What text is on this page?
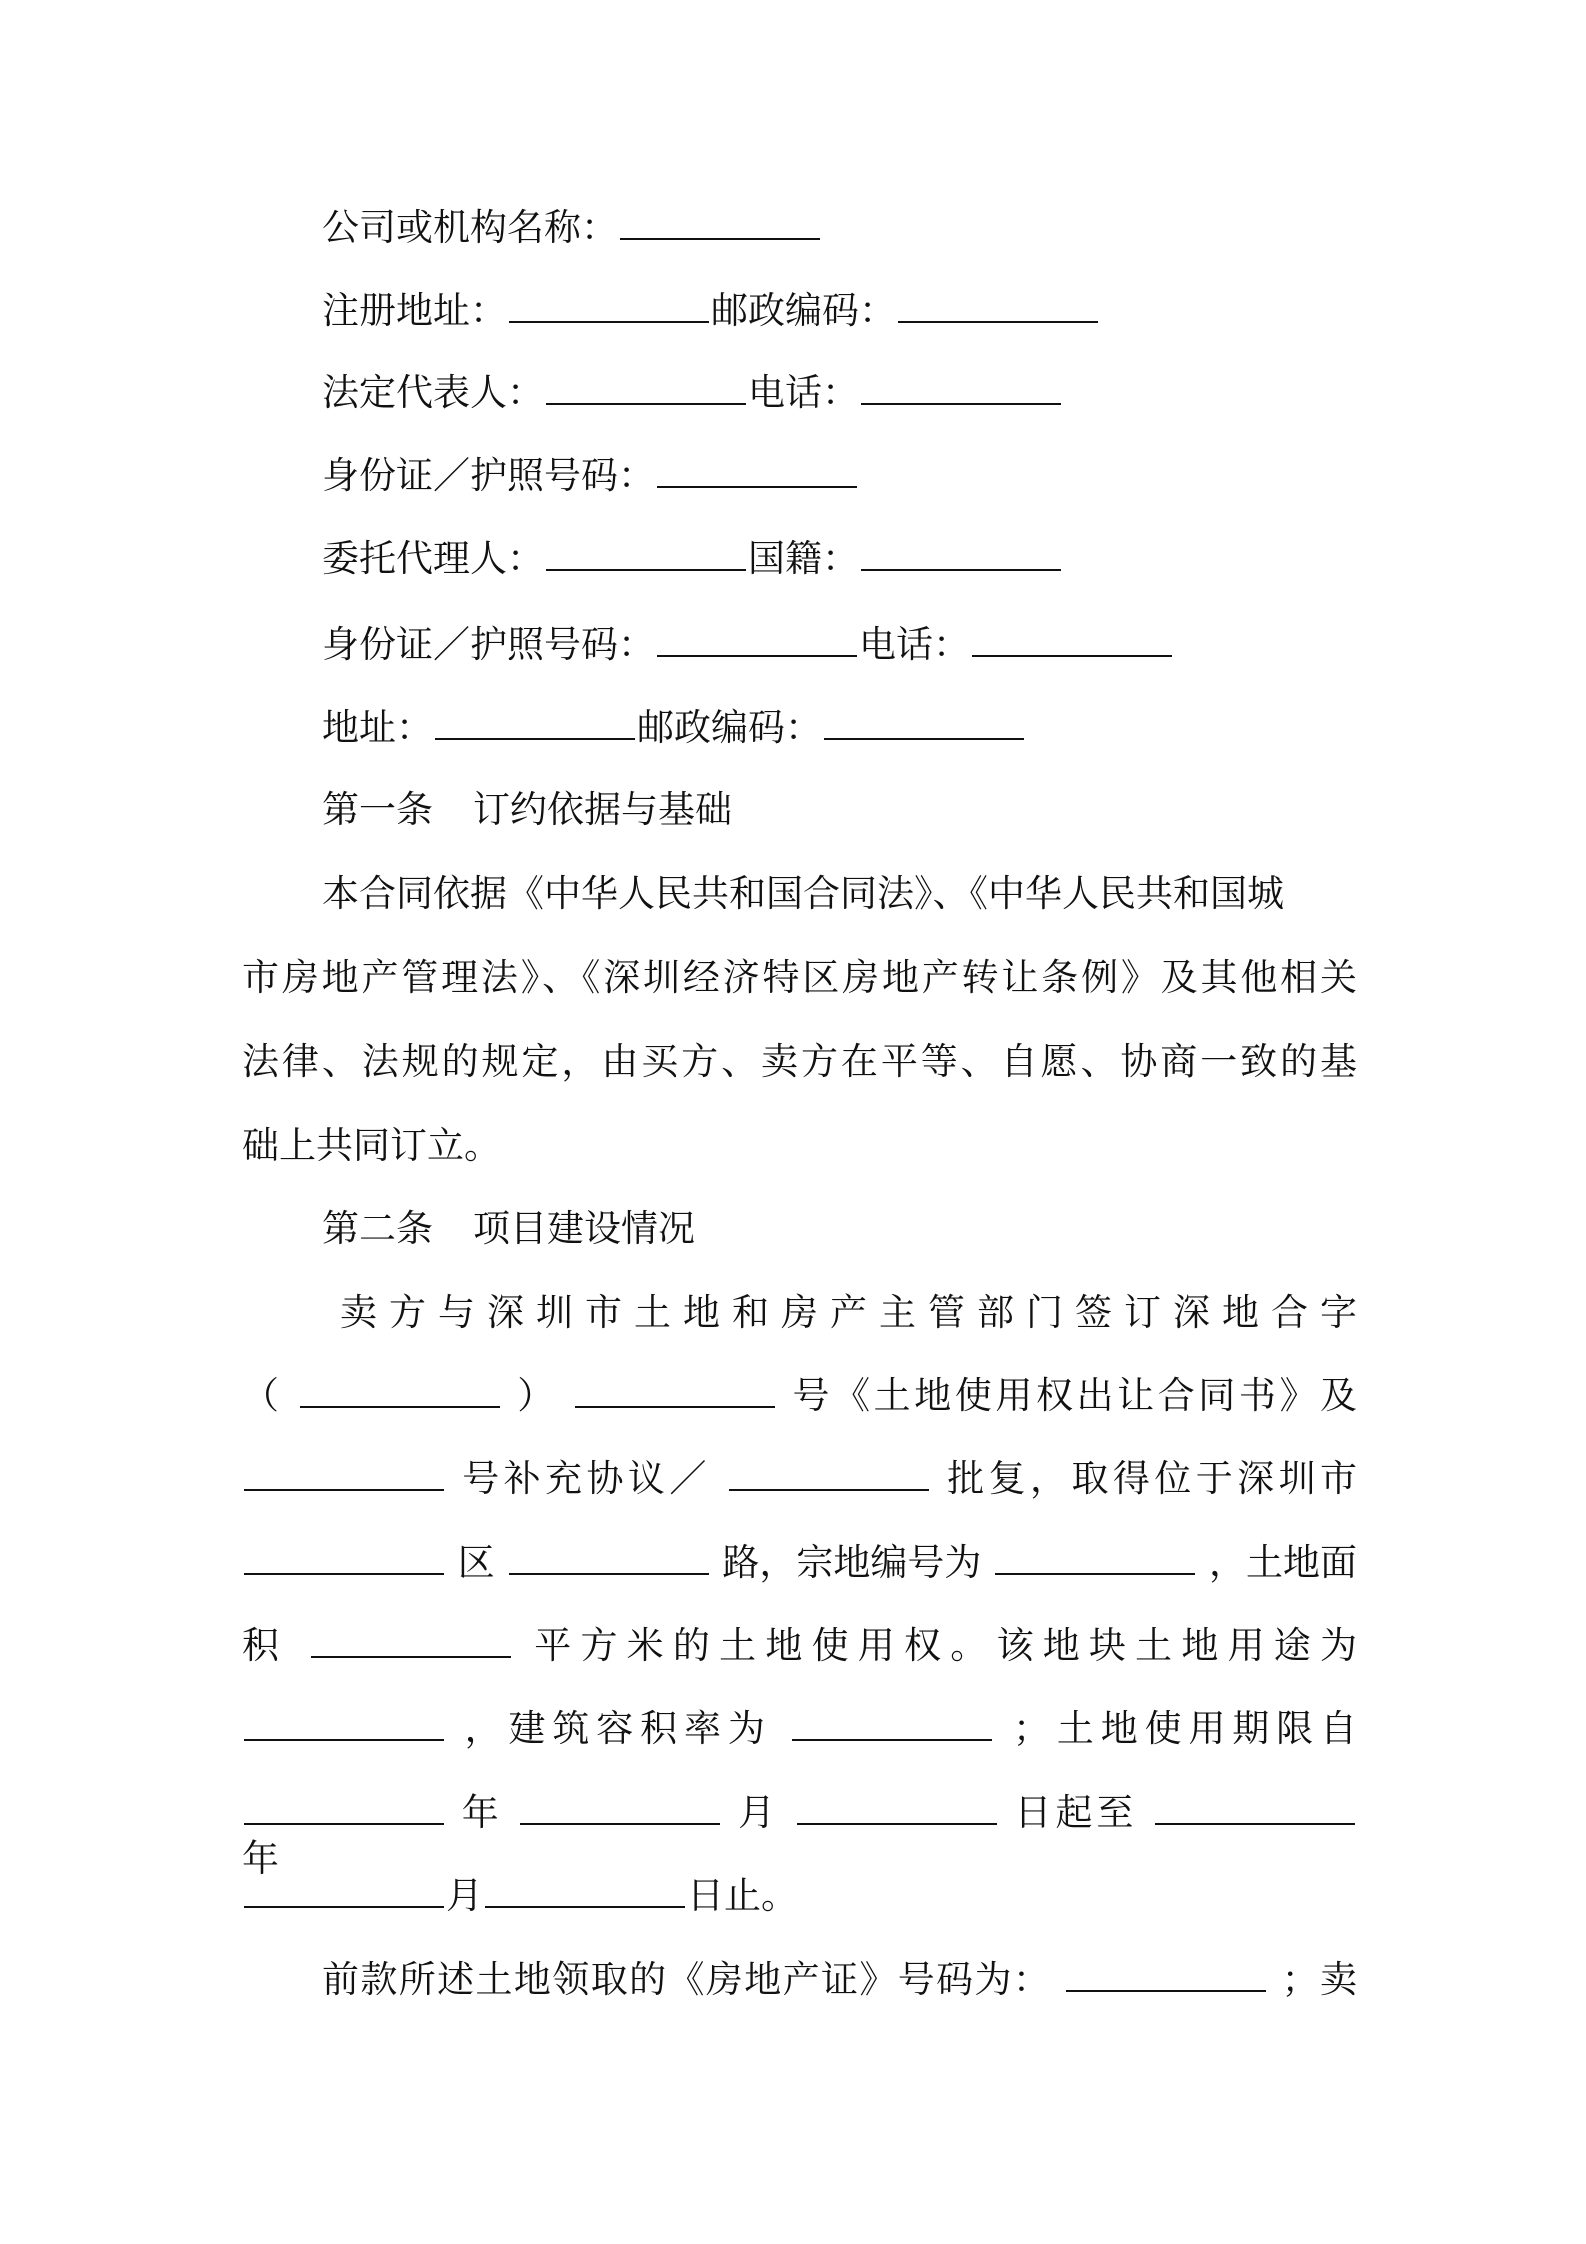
公司或机构名称：
注册地址：	邮政编码：
法定代表人：	电话：
身份证／护照号码：
委托代理人：	国籍：
身份证／护照号码：	电话：
地址：	邮政编码：
第一条 订约依据与基础
本合同依据《中华人民共和国合同法》、《中华人民共和国城
市房地产管理法》、《深圳经济特区房地产转让条例》及其他相关
法律、法规的规定，由买方、卖方在平等、自愿、协商一致的基
础上共同订立。
第二条 项目建设情况
卖方与深圳市土地和房产主管部门签订深地合字
（	）	号《土地使用权出让合同书》及
号补充协议／	批复，取得位于深圳市
区	路，宗地编号为	，土地面
积	平方米的土地使用权。该地块土地用途为
，建筑容积率为	；土地使用期限自
年	月	日起至  年
月	日止。
前款所述土地领取的《房地产证》号码为：	；卖
